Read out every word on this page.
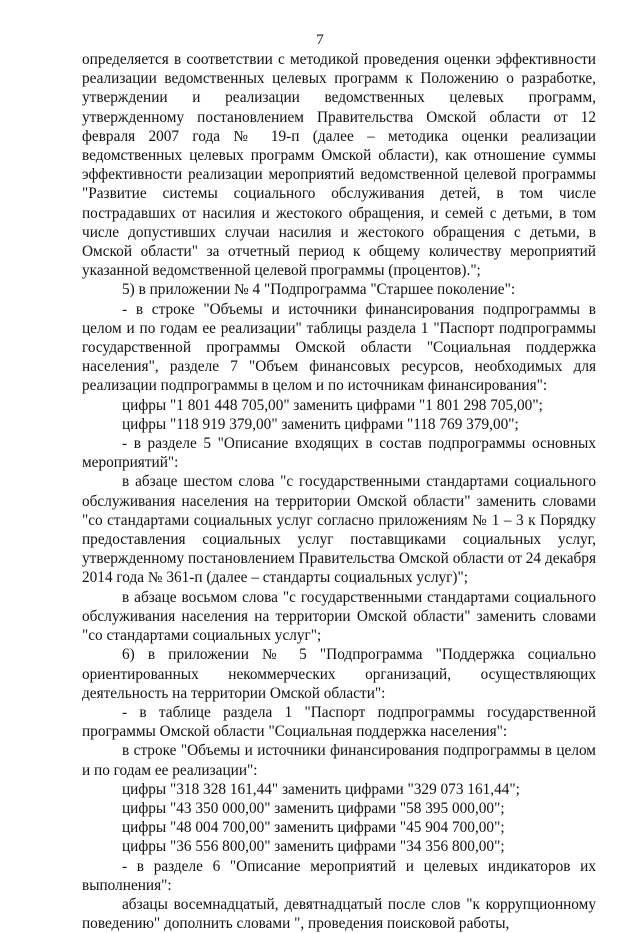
7

определяется в соответствии с методикой проведения оценки эффективности реализации ведомственных целевых программ к Положению о разработке, утверждении и реализации ведомственных целевых программ, утвержденному постановлением Правительства Омской области от 12 февраля 2007 года № 19-п (далее – методика оценки реализации ведомственных целевых программ Омской области), как отношение суммы эффективности реализации мероприятий ведомственной целевой программы "Развитие системы социального обслуживания детей, в том числе пострадавших от насилия и жестокого обращения, и семей с детьми, в том числе допустивших случаи насилия и жестокого обращения с детьми, в Омской области" за отчетный период к общему количеству мероприятий указанной ведомственной целевой программы (процентов).";

5) в приложении № 4 "Подпрограмма "Старшее поколение":

- в строке "Объемы и источники финансирования подпрограммы в целом и по годам ее реализации" таблицы раздела 1 "Паспорт подпрограммы государственной программы Омской области "Социальная поддержка населения", разделе 7 "Объем финансовых ресурсов, необходимых для реализации подпрограммы в целом и по источникам финансирования":

цифры "1 801 448 705,00" заменить цифрами "1 801 298 705,00";

цифры "118 919 379,00" заменить цифрами "118 769 379,00";

- в разделе 5 "Описание входящих в состав подпрограммы основных мероприятий":

в абзаце шестом слова "с государственными стандартами социального обслуживания населения на территории Омской области" заменить словами "со стандартами социальных услуг согласно приложениям № 1 – 3 к Порядку предоставления социальных услуг поставщиками социальных услуг, утвержденному постановлением Правительства Омской области от 24 декабря 2014 года № 361-п (далее – стандарты социальных услуг)";

в абзаце восьмом слова "с государственными стандартами социального обслуживания населения на территории Омской области" заменить словами "со стандартами социальных услуг";

6) в приложении № 5 "Подпрограмма "Поддержка социально ориентированных некоммерческих организаций, осуществляющих деятельность на территории Омской области":

- в таблице раздела 1 "Паспорт подпрограммы государственной программы Омской области "Социальная поддержка населения":

в строке "Объемы и источники финансирования подпрограммы в целом и по годам ее реализации":

цифры "318 328 161,44" заменить цифрами "329 073 161,44";

цифры "43 350 000,00" заменить цифрами "58 395 000,00";

цифры "48 004 700,00" заменить цифрами "45 904 700,00";

цифры "36 556 800,00" заменить цифрами "34 356 800,00";

- в разделе 6 "Описание мероприятий и целевых индикаторов их выполнения":

абзацы восемнадцатый, девятнадцатый после слов "к коррупционному поведению" дополнить словами ", проведения поисковой работы,
